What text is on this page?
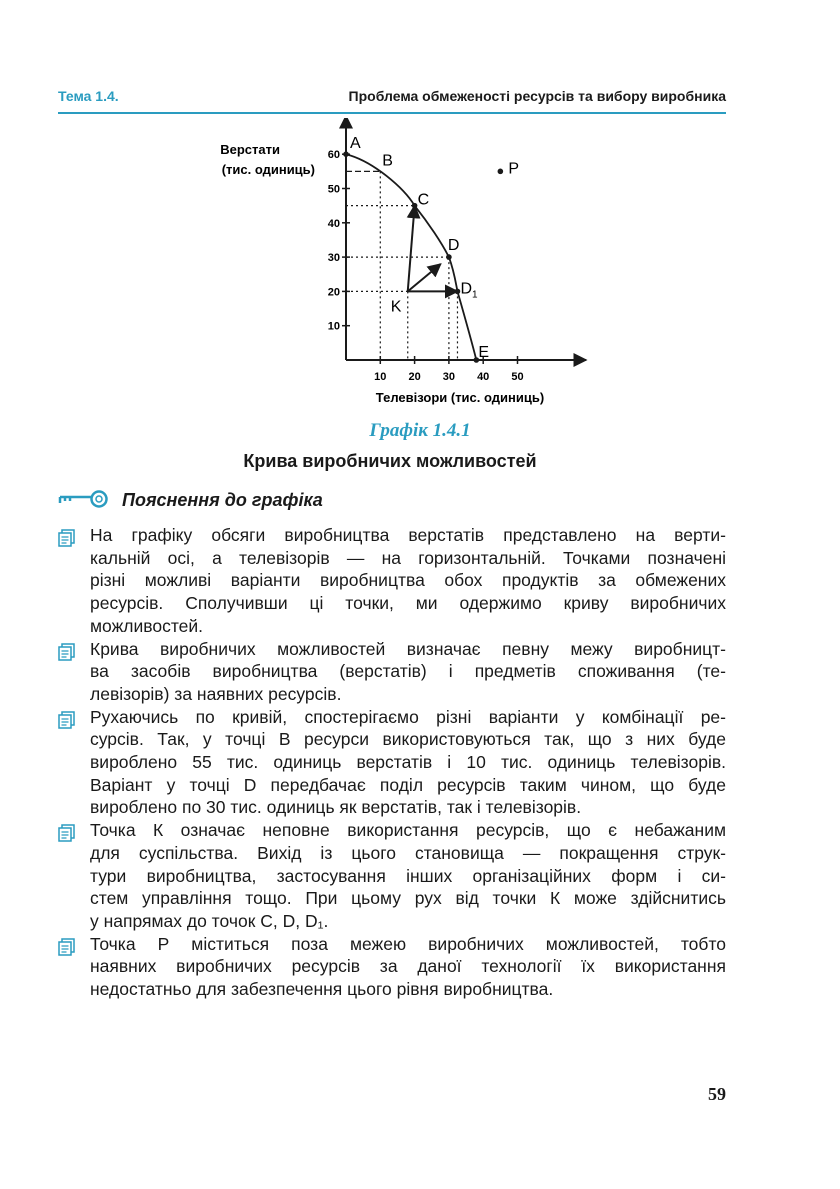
Тема 1.4.	Проблема обмеженості ресурсів та вибору виробника
10 20 30 40 50
10
20
30
40
50
60
Верстати
(тис. одиниць)
Телевізори (тис. одиниць)
A
B
C
D
$D_1$
E
K
P
Графік 1.4.1
Крива виробничих можливостей
Пояснення до графіка
На графіку обсяги виробництва верстатів представлено на верти-
кальній осі, а телевізорів — на горизонтальній. Точками позначені
різні можливі варіанти виробництва обох продуктів за обмежених
ресурсів. Сполучивши ці точки, ми одержимо криву виробничих
можливостей.
Крива виробничих можливостей визначає певну межу виробницт-
ва засобів виробництва (верстатів) і предметів споживання (те-
левізорів) за наявних ресурсів.
Рухаючись по кривій, спостерігаємо різні варіанти у комбінації ре-
сурсів. Так, у точці В ресурси використовуються так, що з них буде
вироблено 55 тис. одиниць верстатів і 10 тис. одиниць телевізорів.
Варіант у точці D передбачає поділ ресурсів таким чином, що буде
вироблено по 30 тис. одиниць як верстатів, так і телевізорів.
Точка К означає неповне використання ресурсів, що є небажаним
для суспільства. Вихід із цього становища — покращення струк-
тури виробництва, застосування інших організаційних форм і си-
стем управління тощо. При цьому рух від точки К може здійснитись
у напрямах до точок С, D, D₁.
Точка Р міститься поза межею виробничих можливостей, тобто
наявних виробничих ресурсів за даної технології їх використання
недостатньо для забезпечення цього рівня виробництва.
59
